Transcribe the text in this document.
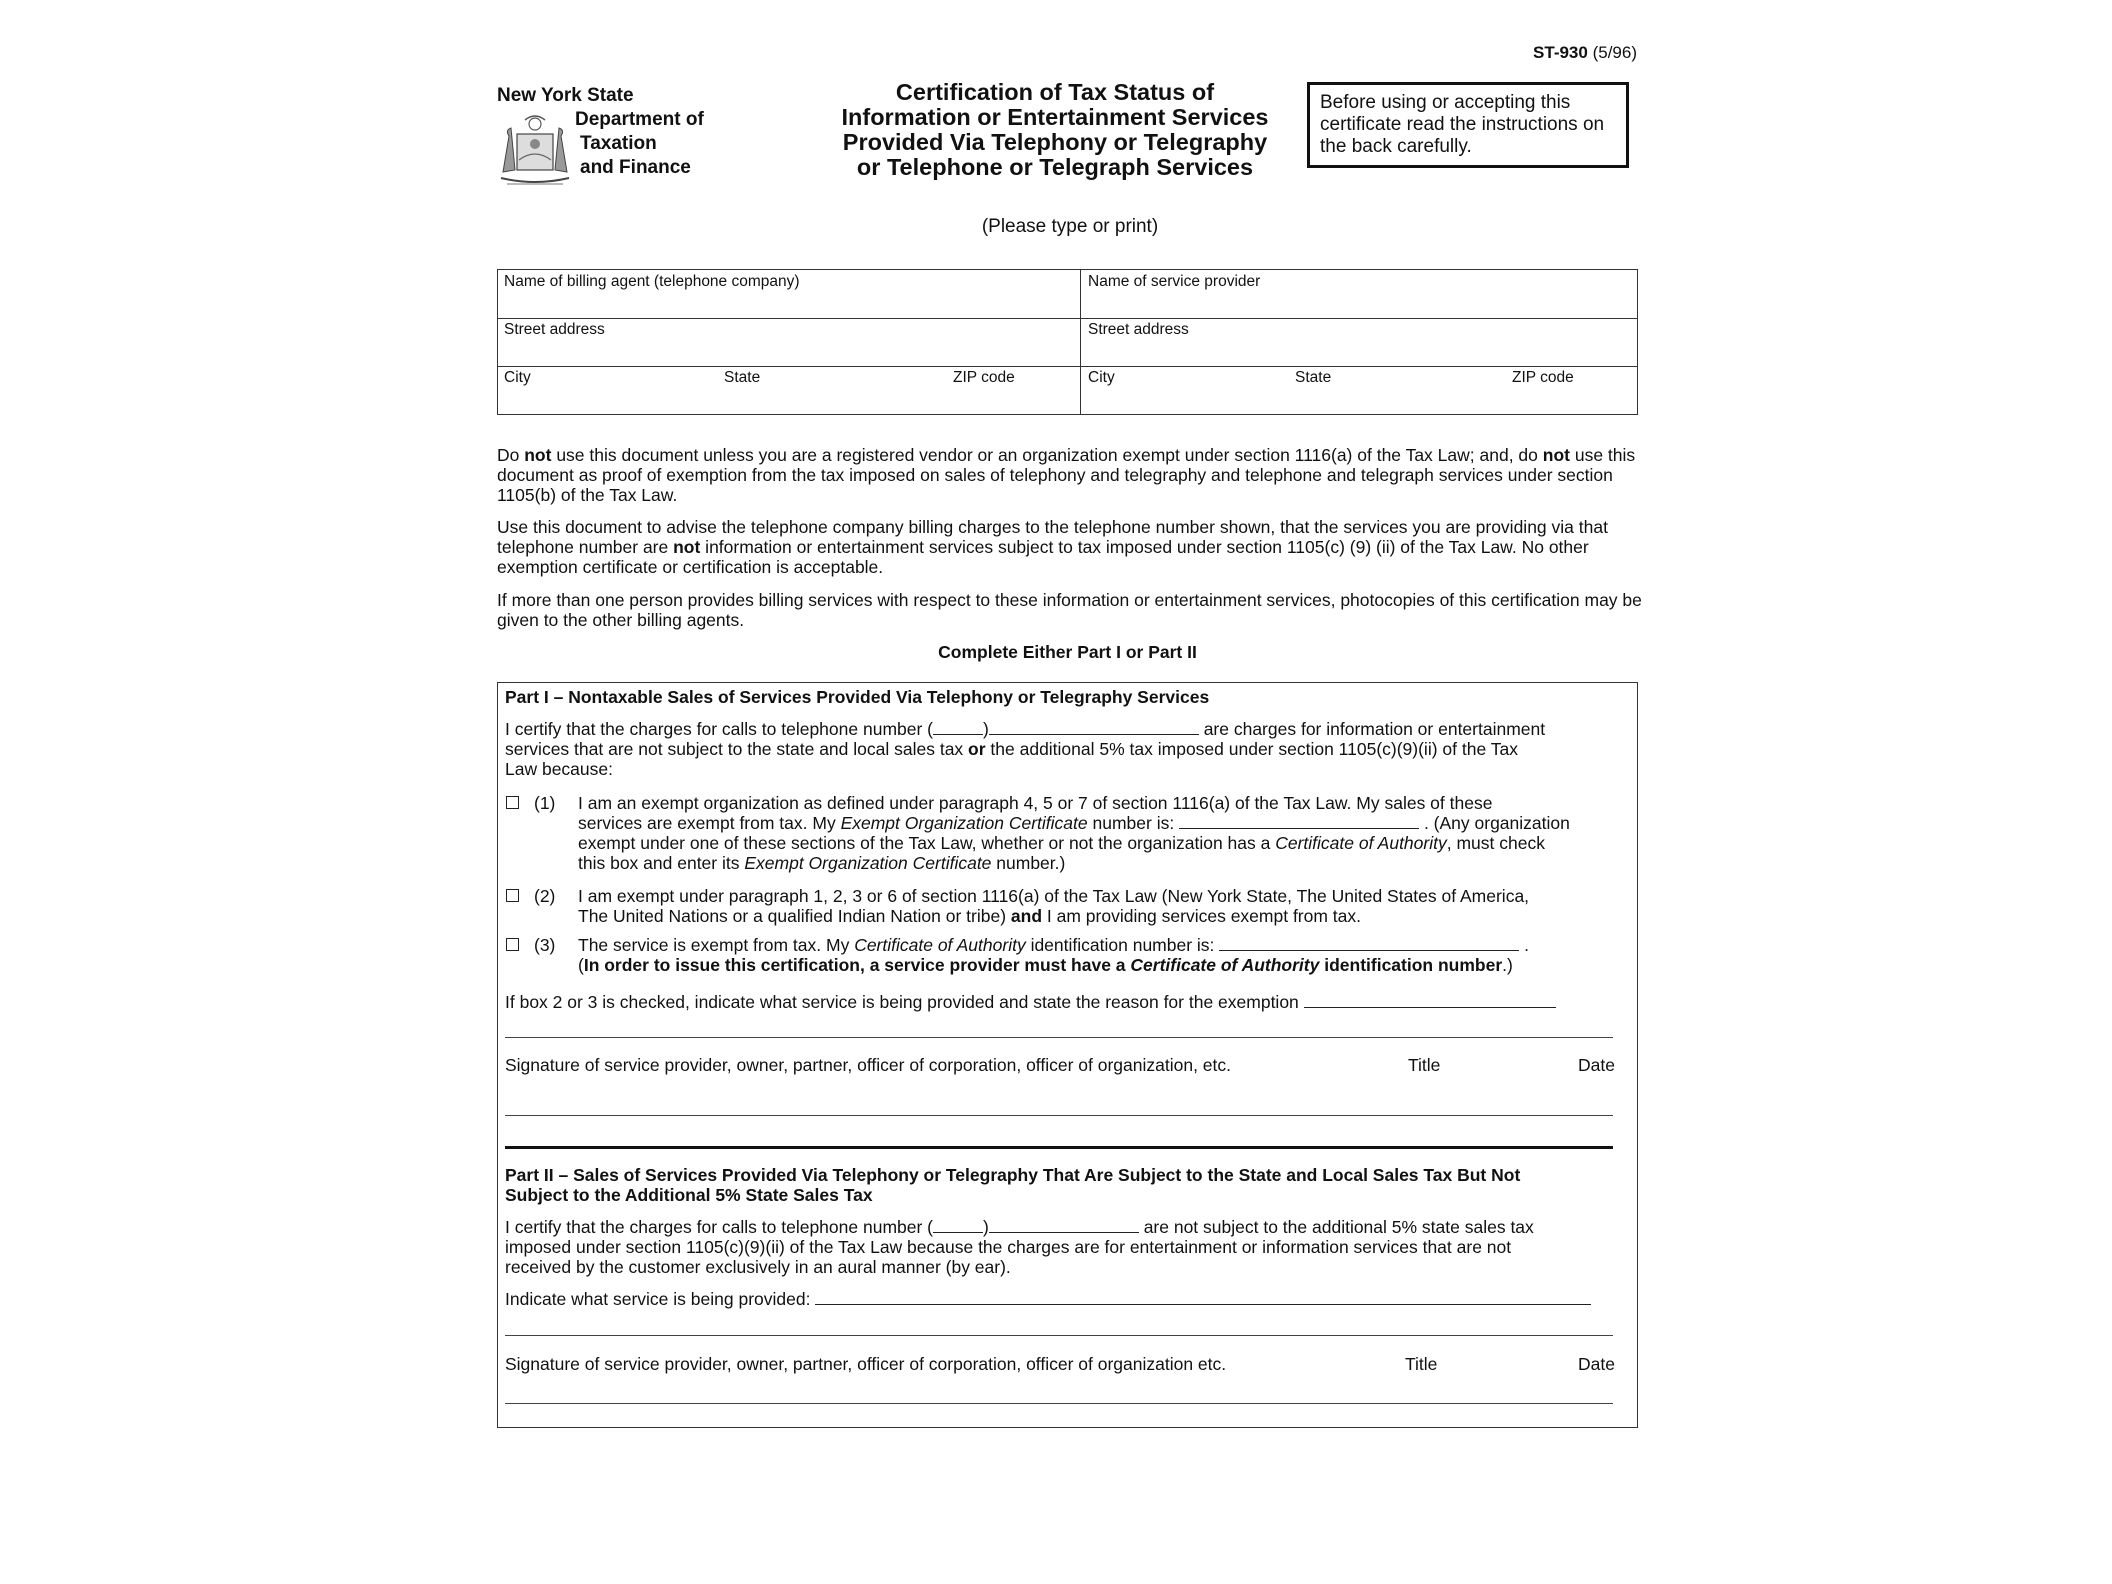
ST-930 (5/96)
New York State
Department of
Taxation
and Finance
Certification of Tax Status of
Information or Entertainment Services
Provided Via Telephony or Telegraphy
or Telephone or Telegraph Services
Before using or accepting this certificate read the instructions on the back carefully.
(Please type or print)
Name of billing agent (telephone company)	Name of service provider
Street address	Street address
City	State	ZIP code	City	State	ZIP code
Do not use this document unless you are a registered vendor or an organization exempt under section 1116(a) of the Tax Law; and, do not use this document as proof of exemption from the tax imposed on sales of telephony and telegraphy and telephone and telegraph services under section 1105(b) of the Tax Law.
Use this document to advise the telephone company billing charges to the telephone number shown, that the services you are providing via that telephone number are not information or entertainment services subject to tax imposed under section 1105(c) (9) (ii) of the Tax Law. No other exemption certificate or certification is acceptable.
If more than one person provides billing services with respect to these information or entertainment services, photocopies of this certification may be given to the other billing agents.
Complete Either Part I or Part II
Part I – Nontaxable Sales of Services Provided Via Telephony or Telegraphy Services
I certify that the charges for calls to telephone number (	)	are charges for information or entertainment
services that are not subject to the state and local sales tax or the additional 5% tax imposed under section 1105(c)(9)(ii) of the Tax
Law because:
(1) I am an exempt organization as defined under paragraph 4, 5 or 7 of section 1116(a) of the Tax Law. My sales of these
services are exempt from tax. My Exempt Organization Certificate number is:	. (Any organization
exempt under one of these sections of the Tax Law, whether or not the organization has a Certificate of Authority, must check
this box and enter its Exempt Organization Certificate number.)
(2) I am exempt under paragraph 1, 2, 3 or 6 of section 1116(a) of the Tax Law (New York State, The United States of America,
The United Nations or a qualified Indian Nation or tribe) and I am providing services exempt from tax.
(3) The service is exempt from tax. My Certificate of Authority identification number is:	.
(In order to issue this certification, a service provider must have a Certificate of Authority identification number.)
If box 2 or 3 is checked, indicate what service is being provided and state the reason for the exemption
Signature of service provider, owner, partner, officer of corporation, officer of organization, etc.	Title	Date
Part II – Sales of Services Provided Via Telephony or Telegraphy That Are Subject to the State and Local Sales Tax But Not
Subject to the Additional 5% State Sales Tax
I certify that the charges for calls to telephone number (	)	are not subject to the additional 5% state sales tax
imposed under section 1105(c)(9)(ii) of the Tax Law because the charges are for entertainment or information services that are not
received by the customer exclusively in an aural manner (by ear).
Indicate what service is being provided:
Signature of service provider, owner, partner, officer of corporation, officer of organization etc.	Title	Date
